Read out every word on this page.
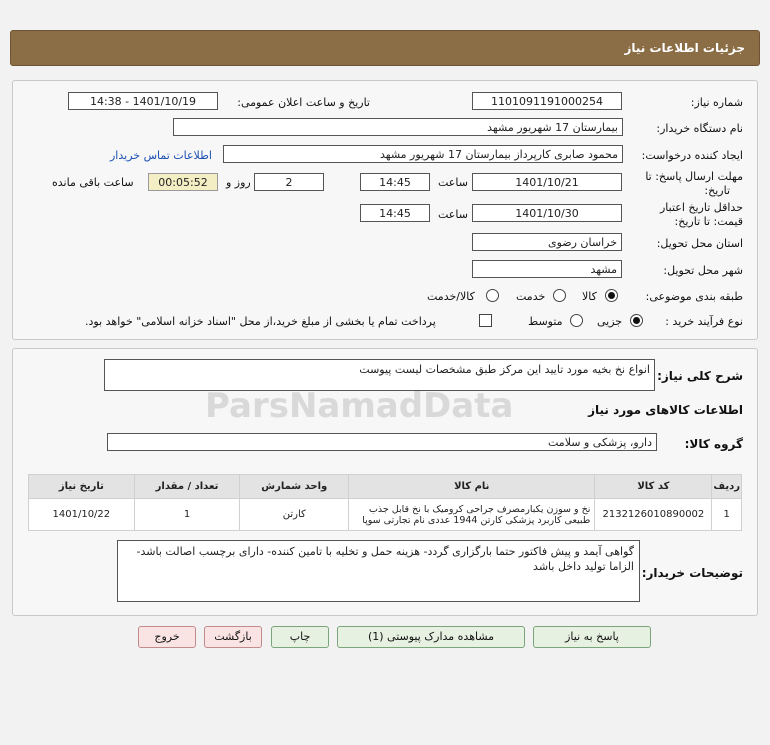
جزئیات اطلاعات نیاز
شماره نیاز:
1101091191000254
تاریخ و ساعت اعلان عمومی:
1401/10/19 - 14:38
نام دستگاه خریدار:
بیمارستان 17 شهریور مشهد
ایجاد کننده درخواست:
محمود صابری کارپرداز بیمارستان 17 شهریور مشهد
اطلاعات تماس خریدار
مهلت ارسال پاسخ: تا
تاریخ:
1401/10/21
ساعت
14:45
2
روز و
00:05:52
ساعت باقی مانده
حداقل تاریخ اعتبار
قیمت: تا تاریخ:
1401/10/30
ساعت
14:45
استان محل تحویل:
خراسان رضوی
شهر محل تحویل:
مشهد
طبقه بندی موضوعی:
کالا
خدمت
کالا/خدمت
نوع فرآیند خرید :
جزیی
متوسط
پرداخت تمام یا بخشی از مبلغ خرید،از محل "اسناد خزانه اسلامی" خواهد بود.
شرح کلی نیاز:
انواع نخ بخیه مورد تایید این مرکز طبق مشخصات لیست پیوست
اطلاعات کالاهای مورد نیاز
گروه کالا:
دارو، پزشکی و سلامت
ردیف	کد کالا	نام کالا	واحد شمارش	تعداد / مقدار	تاریخ نیاز
1	2132126010890002	نخ و سوزن یکبارمصرف جراحی کرومیک با نخ قابل جذب
طبیعی کاربرد پزشکی کارتن 1944 عددی نام تجارتی سوپا	کارتن	1	1401/10/22
توضیحات خریدار:
گواهی آیمد و پیش فاکتور حتما بارگزاری گردد- هزینه حمل و تخلیه با تامین کننده- دارای برچسب اصالت باشد-الزاما تولید داخل باشد
پاسخ به نیاز
مشاهده مدارک پیوستی (1)
چاپ
بازگشت
خروج
ParsNamadData
